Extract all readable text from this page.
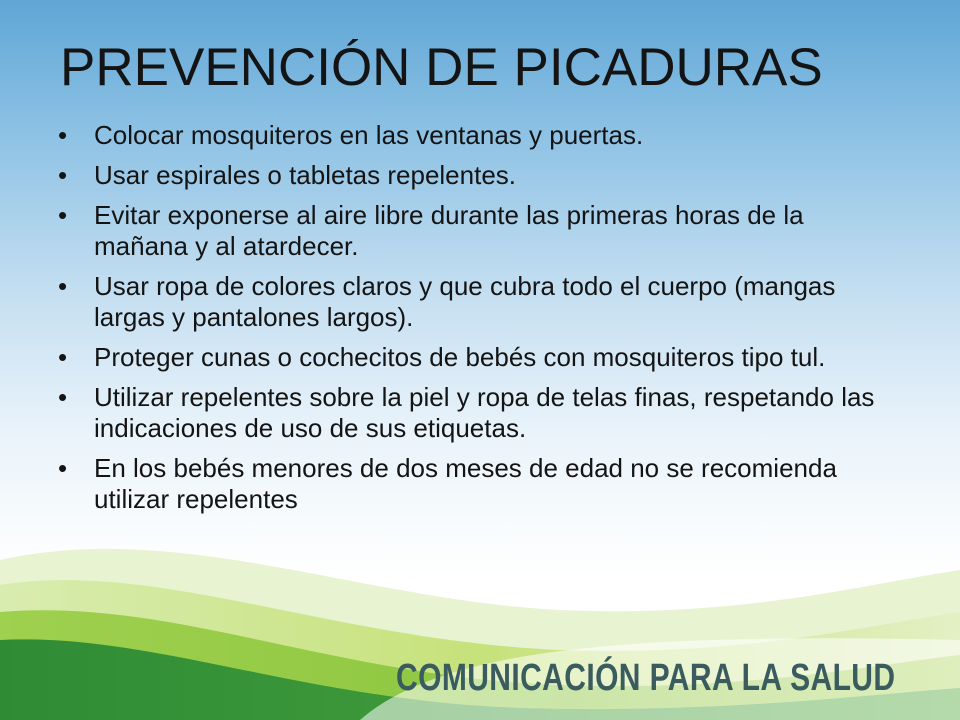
PREVENCIÓN DE PICADURAS
•	Colocar mosquiteros en las ventanas y puertas.
•	Usar espirales o tabletas repelentes.
•	Evitar exponerse al aire libre durante las primeras horas de la mañana y al atardecer.
•	Usar ropa de colores claros y que cubra todo el cuerpo (mangas largas y pantalones largos).
•	Proteger cunas o cochecitos de bebés con mosquiteros tipo tul.
•	Utilizar repelentes sobre la piel y ropa de telas finas, respetando las indicaciones de uso de sus etiquetas.
•	En los bebés menores de dos meses de edad no se recomienda utilizar repelentes
COMUNICACIÓN PARA LA SALUD
